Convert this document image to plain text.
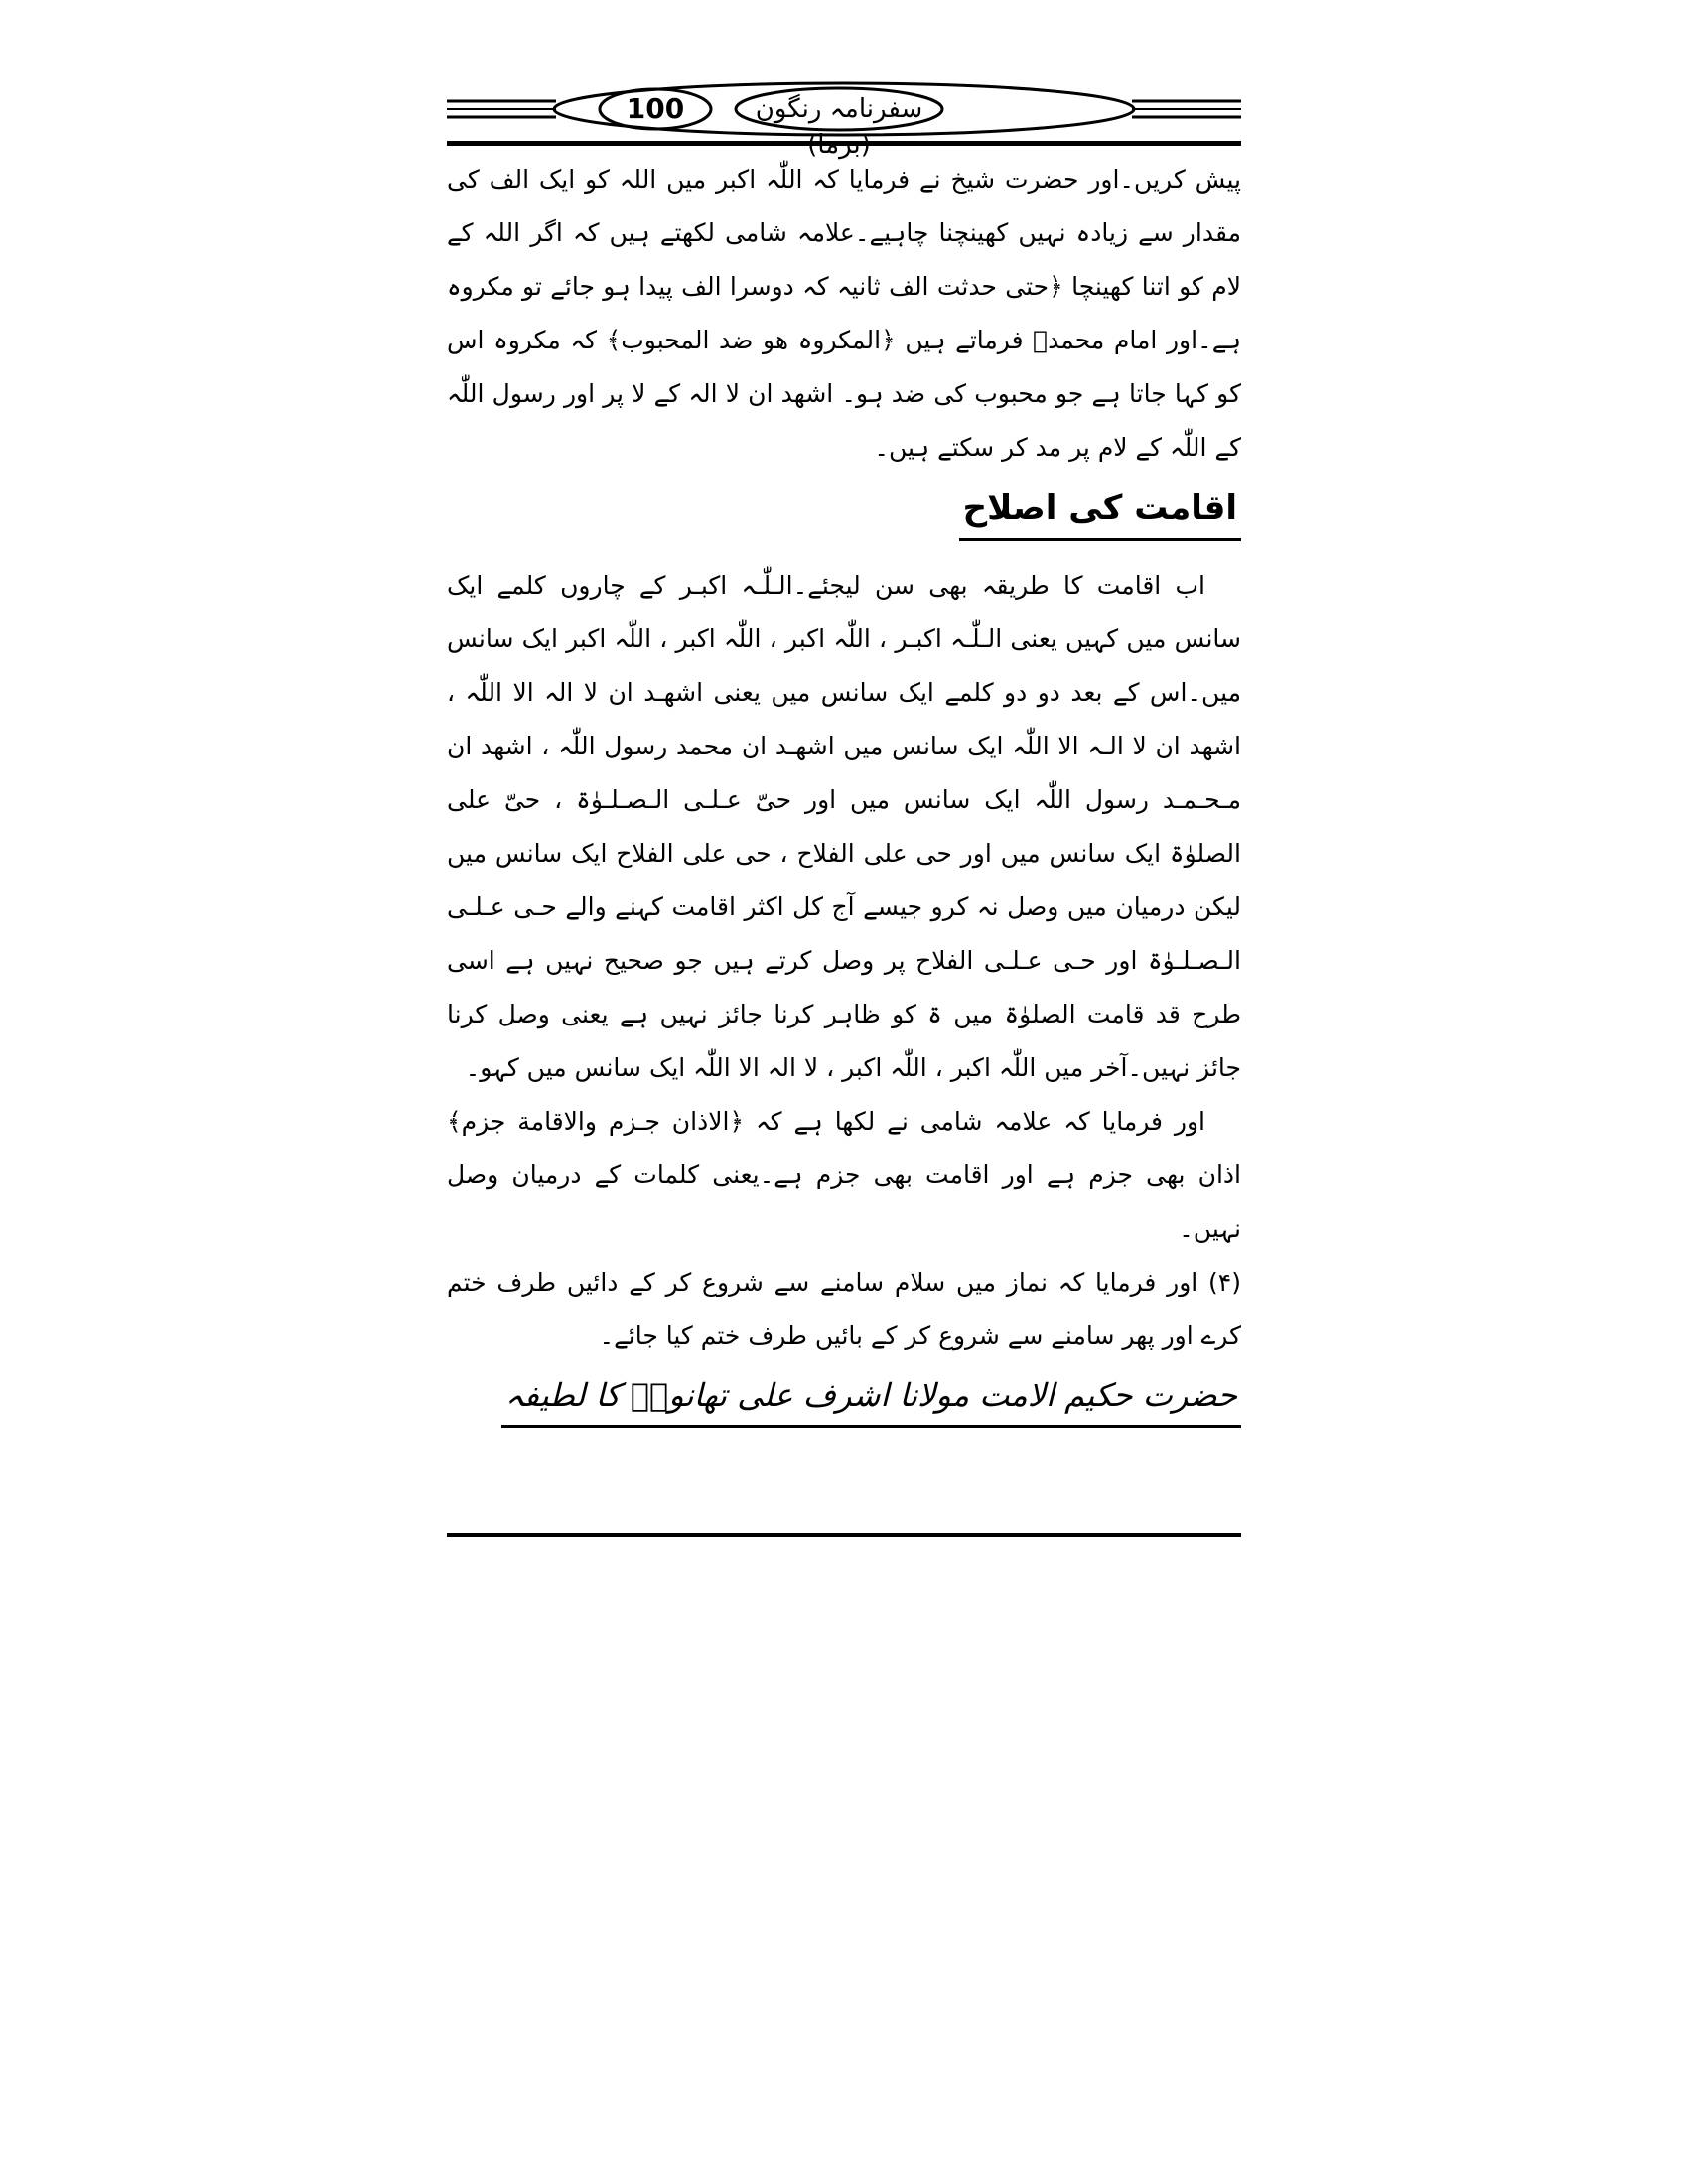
100	سفرنامہ رنگون

پیش کریں۔اور حضرت شیخ نے فرمایا کہ اللّٰہ اکبر میں اللہ کو ایک الف کی مقدار سے زیادہ نہیں کھینچنا چاہیے۔علامہ شامی لکھتے ہیں کہ اگر اللہ کے لام کو اتنا کھینچا ﴿حتی حدثت الف ثانیہ کہ دوسرا الف پیدا ہو جائے تو مکروہ ہے۔اور امام محمدؒ فرماتے ہیں ﴿المکروہ ھو ضد المحبوب﴾ کہ مکروہ اس کو کہا جاتا ہے جو محبوب کی ضد ہو۔ اشھد ان لا الہ کے لا پر اور رسول اللّٰہ کے اللّٰہ کے لام پر مد کر سکتے ہیں۔

اقامت کی اصلاح

اب اقامت کا طریقہ بھی سن لیجئے۔الـلّٰـہ اکبـر کے چاروں کلمے ایک سانس میں کہیں یعنی الـلّٰـہ اکبـر ، اللّٰہ اکبر ، اللّٰہ اکبر ، اللّٰہ اکبر ایک سانس میں۔اس کے بعد دو دو کلمے ایک سانس میں یعنی اشھـد ان لا الہ الا اللّٰہ ، اشھد ان لا الـہ الا اللّٰہ ایک سانس میں اشھـد ان محمد رسول اللّٰہ ، اشھد ان مـحـمـد رسول اللّٰہ ایک سانس میں اور حیّ عـلـی الـصـلـوٰۃ ، حیّ علی الصلوٰۃ ایک سانس میں اور حی علی الفلاح ، حی علی الفلاح ایک سانس میں لیکن درمیان میں وصل نہ کرو جیسے آج کل اکثر اقامت کہنے والے حـی عـلـی الـصـلـوٰۃ اور حـی عـلـی الفلاح پر وصل کرتے ہیں جو صحیح نہیں ہے اسی طرح قد قامت الصلوٰۃ میں ۃ کو ظاہر کرنا جائز نہیں ہے یعنی وصل کرنا جائز نہیں۔آخر میں اللّٰہ اکبر ، اللّٰہ اکبر ، لا الہ الا اللّٰہ ایک سانس میں کہو۔

اور فرمایا کہ علامہ شامی نے لکھا ہے کہ ﴿الاذان جـزم والاقامة جزم﴾ اذان بھی جزم ہے اور اقامت بھی جزم ہے۔یعنی کلمات کے درمیان وصل نہیں۔

(۴) اور فرمایا کہ نماز میں سلام سامنے سے شروع کر کے دائیں طرف ختم کرے اور پھر سامنے سے شروع کر کے بائیں طرف ختم کیا جائے۔

حضرت حکیم الامت مولانا اشرف علی تھانویؒ کا لطیفہ
